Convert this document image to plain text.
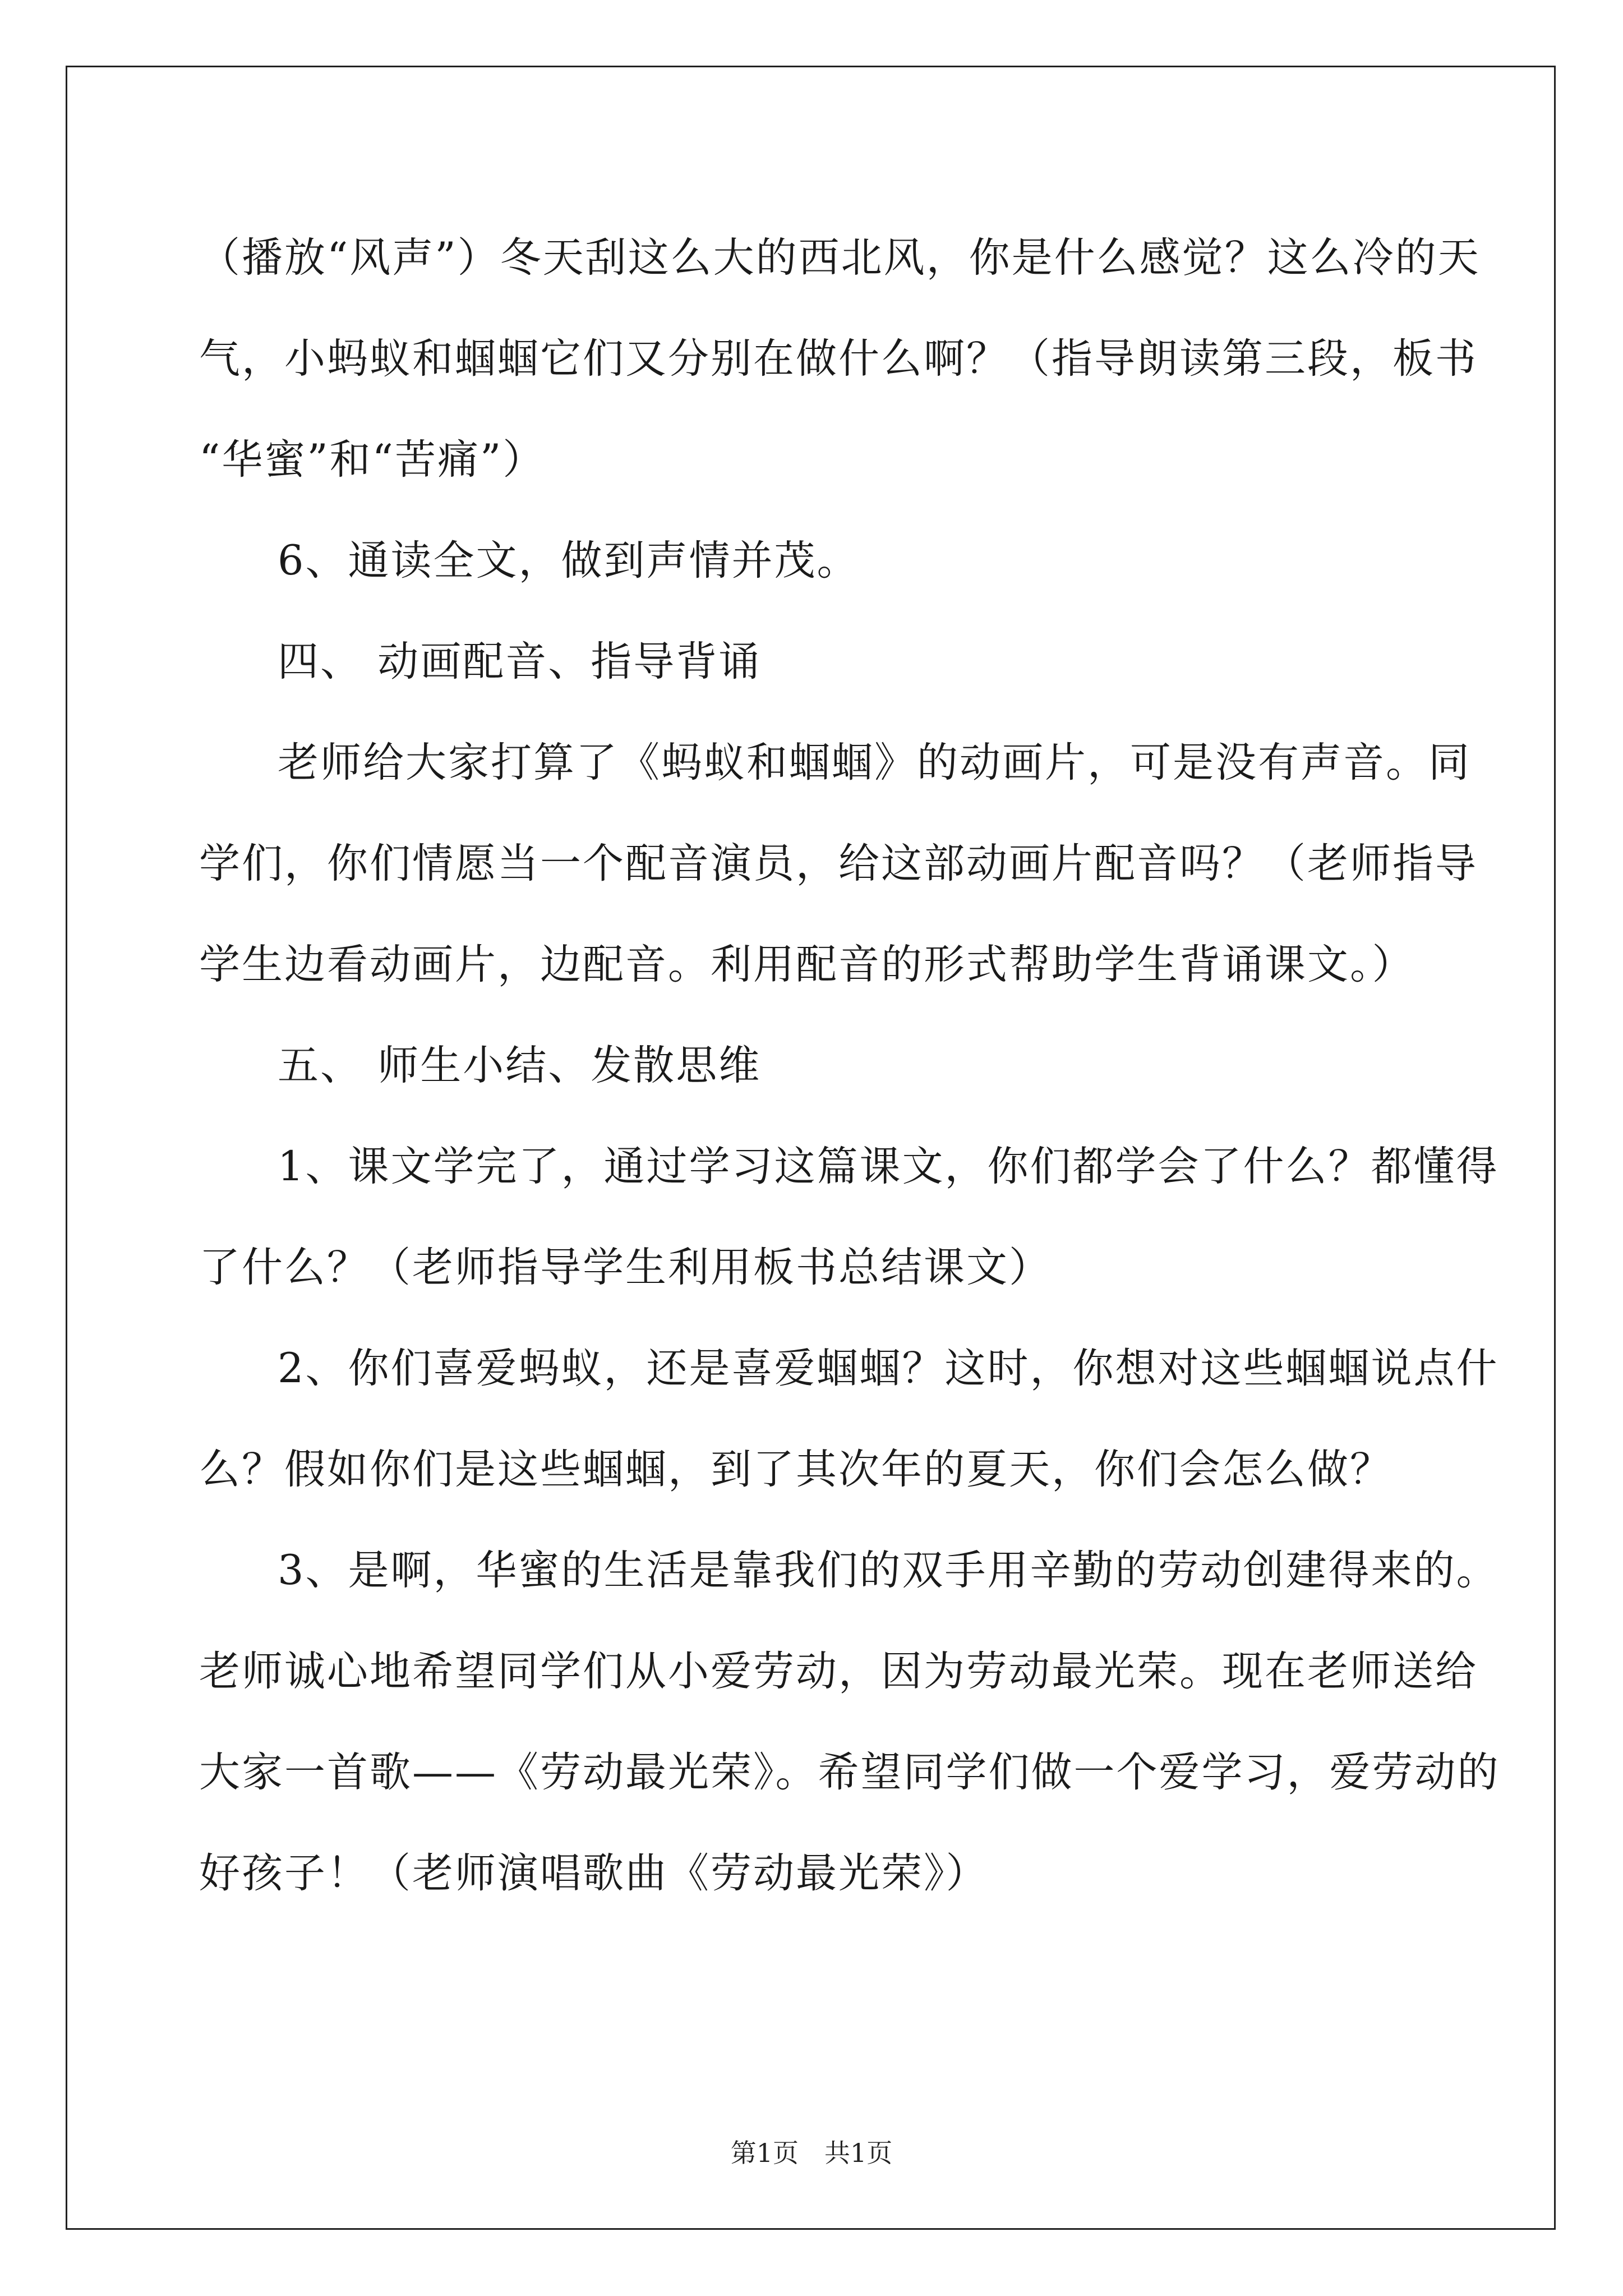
（播放“风声”）冬天刮这么大的西北风，你是什么感觉？这么冷的天
气，小蚂蚁和蝈蝈它们又分别在做什么啊？（指导朗读第三段，板书
“华蜜”和“苦痛”）
6、通读全文，做到声情并茂。
四、 动画配音、指导背诵
老师给大家打算了《蚂蚁和蝈蝈》的动画片，可是没有声音。同
学们，你们情愿当一个配音演员，给这部动画片配音吗？（老师指导
学生边看动画片，边配音。利用配音的形式帮助学生背诵课文。）
五、 师生小结、发散思维
1、课文学完了，通过学习这篇课文，你们都学会了什么？都懂得
了什么？（老师指导学生利用板书总结课文）
2、你们喜爱蚂蚁，还是喜爱蝈蝈？这时，你想对这些蝈蝈说点什
么？假如你们是这些蝈蝈，到了其次年的夏天，你们会怎么做？
3、是啊，华蜜的生活是靠我们的双手用辛勤的劳动创建得来的。
老师诚心地希望同学们从小爱劳动，因为劳动最光荣。现在老师送给
大家一首歌——《劳动最光荣》。希望同学们做一个爱学习，爱劳动的
好孩子！（老师演唱歌曲《劳动最光荣》）
第1页　共1页
